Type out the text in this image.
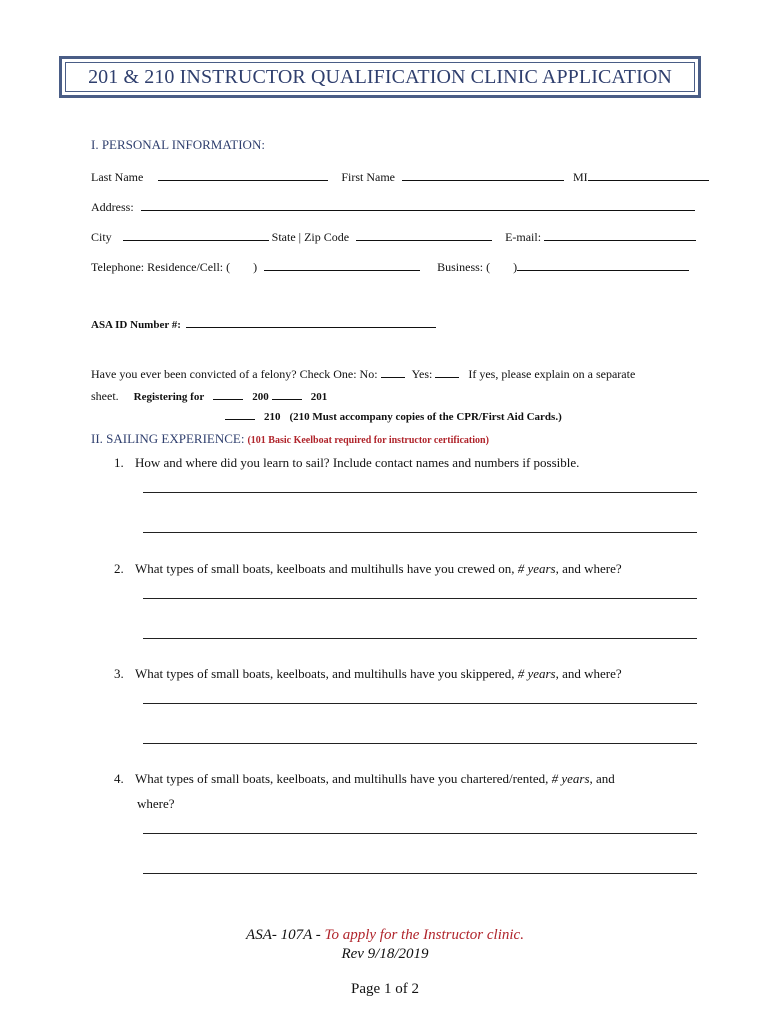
201 & 210 INSTRUCTOR QUALIFICATION CLINIC APPLICATION
I. PERSONAL INFORMATION:
Last Name	First Name	MI
Address:
City	State | Zip Code	E-mail:
Telephone: Residence/Cell: ( )	Business: ( )
ASA ID Number #:
Have you ever been convicted of a felony? Check One: No:	Yes:	If yes, please explain on a separate
sheet. Registering for	200	201
210 (210 Must accompany copies of the CPR/First Aid Cards.)
II. SAILING EXPERIENCE: (101 Basic Keelboat required for instructor certification)
1. How and where did you learn to sail? Include contact names and numbers if possible.
2. What types of small boats, keelboats and multihulls have you crewed on, # years, and where?
3. What types of small boats, keelboats, and multihulls have you skippered, # years, and where?
4. What types of small boats, keelboats, and multihulls have you chartered/rented, # years, and
where?
ASA- 107A - To apply for the Instructor clinic.
Rev 9/18/2019
Page 1 of 2
